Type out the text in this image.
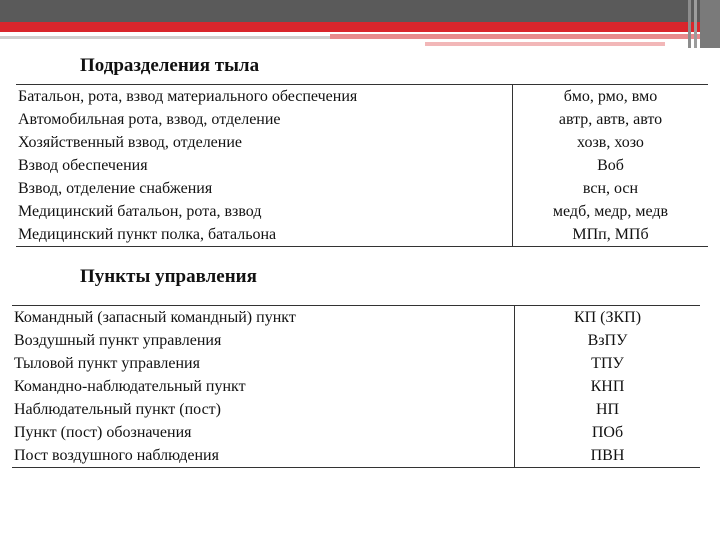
Подразделения тыла
Батальон, рота, взвод материального обеспечения	бмо, рмо, вмо
Автомобильная рота, взвод, отделение	автр, автв, авто
Хозяйственный взвод, отделение	хозв, хозо
Взвод обеспечения	Воб
Взвод, отделение снабжения	всн, осн
Медицинский батальон, рота, взвод	медб, медр, медв
Медицинский пункт полка, батальона	МПп, МПб
Пункты управления
Командный (запасный командный) пункт	КП (ЗКП)
Воздушный пункт управления	ВзПУ
Тыловой пункт управления	ТПУ
Командно-наблюдательный пункт	КНП
Наблюдательный пункт (пост)	НП
Пункт (пост) обозначения	ПОб
Пост воздушного наблюдения	ПВН
